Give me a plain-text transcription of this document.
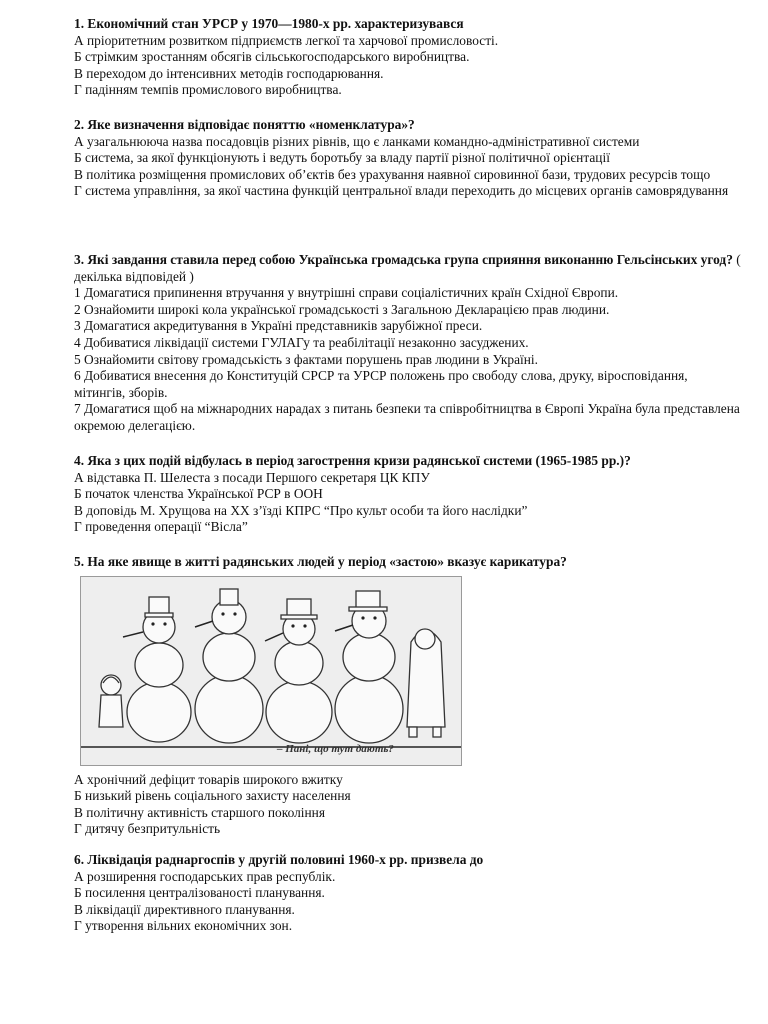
1. Економічний стан УРСР у 1970—1980-х рр. характеризувався

А пріоритетним розвитком підприємств легкої та харчової промисловості.

Б стрімким зростанням обсягів сільськогосподарського виробництва.

В переходом до інтенсивних методів господарювання.

Г падінням темпів промислового виробництва.

2. Яке визначення відповідає поняттю «номенклатура»?

А узагальнююча назва посадовців різних рівнів, що є ланками командно-адміністративної системи

Б система, за якої функціонують і ведуть боротьбу за владу партії різної політичної орієнтації

В політика розміщення промислових об’єктів без урахування наявної сировинної бази, трудових ресурсів тощо

Г система управління, за якої частина функцій центральної влади переходить до місцевих органів самоврядування

3. Які завдання ставила перед собою Українська громадська група сприяння виконанню Гельсінських угод? ( декілька відповідей )

1 Домагатися припинення втручання у внутрішні справи соціалістичних країн Східної Європи.

2 Ознайомити широкі кола української громадськості з Загальною Декларацією прав людини.

3 Домагатися акредитування в Україні представників зарубіжної преси.

4 Добиватися ліквідації системи ГУЛАГу та реабілітації незаконно засуджених.

5 Ознайомити світову громадськість з фактами порушень прав людини в Україні.

6 Добиватися внесення до Конституцій СРСР та УРСР положень про свободу слова, друку, віросповідання, мітингів, зборів.

7 Домагатися щоб на міжнародних нарадах з питань безпеки та співробітництва в Європі Україна була представлена окремою делегацією.

4. Яка з цих подій відбулась в період загострення кризи радянської системи (1965-1985 рр.)?

А відставка П. Шелеста з посади Першого секретаря ЦК КПУ

Б початок членства Української РСР в ООН

В доповідь М. Хрущова на ХХ з’їзді КПРС “Про культ особи та його наслідки”

Г проведення операції “Вісла”

5. На яке явище в житті радянських людей у період «застою» вказує карикатура?

– Пані, що тут дають?

А хронічний дефіцит товарів широкого вжитку

Б низький рівень соціального захисту населення

В політичну активність старшого покоління

Г дитячу безпритульність

6. Ліквідація раднаргоспів у другій половині 1960-х рр. призвела до

А розширення господарських прав республік.

Б посилення централізованості планування.

В ліквідації директивного планування.

Г утворення вільних економічних зон.
